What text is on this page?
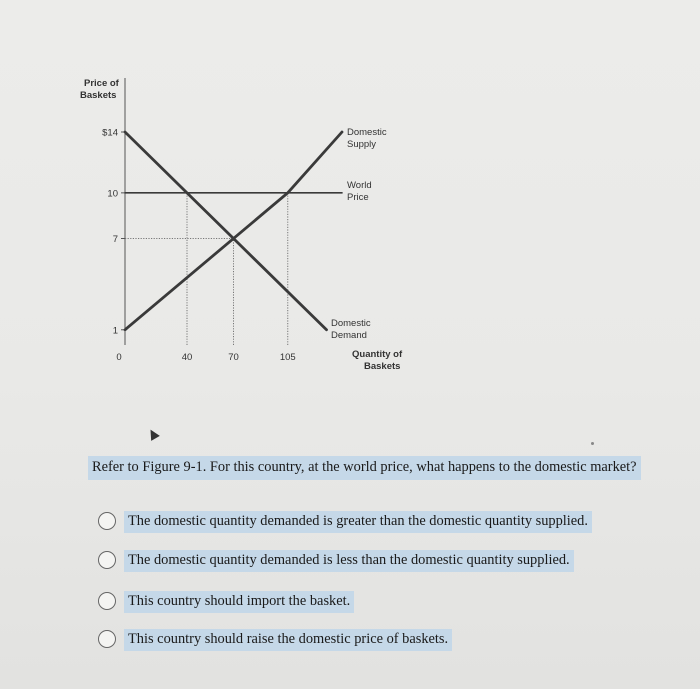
Price of
Baskets
1
7
10
$14
0	40	70	105
Domestic
Supply
World
Price
Domestic
Demand
Quantity of
Baskets
Refer to Figure 9-1. For this country, at the world price, what happens to the domestic market?
The domestic quantity demanded is greater than the domestic quantity supplied.
The domestic quantity demanded is less than the domestic quantity supplied.
This country should import the basket.
This country should raise the domestic price of baskets.
